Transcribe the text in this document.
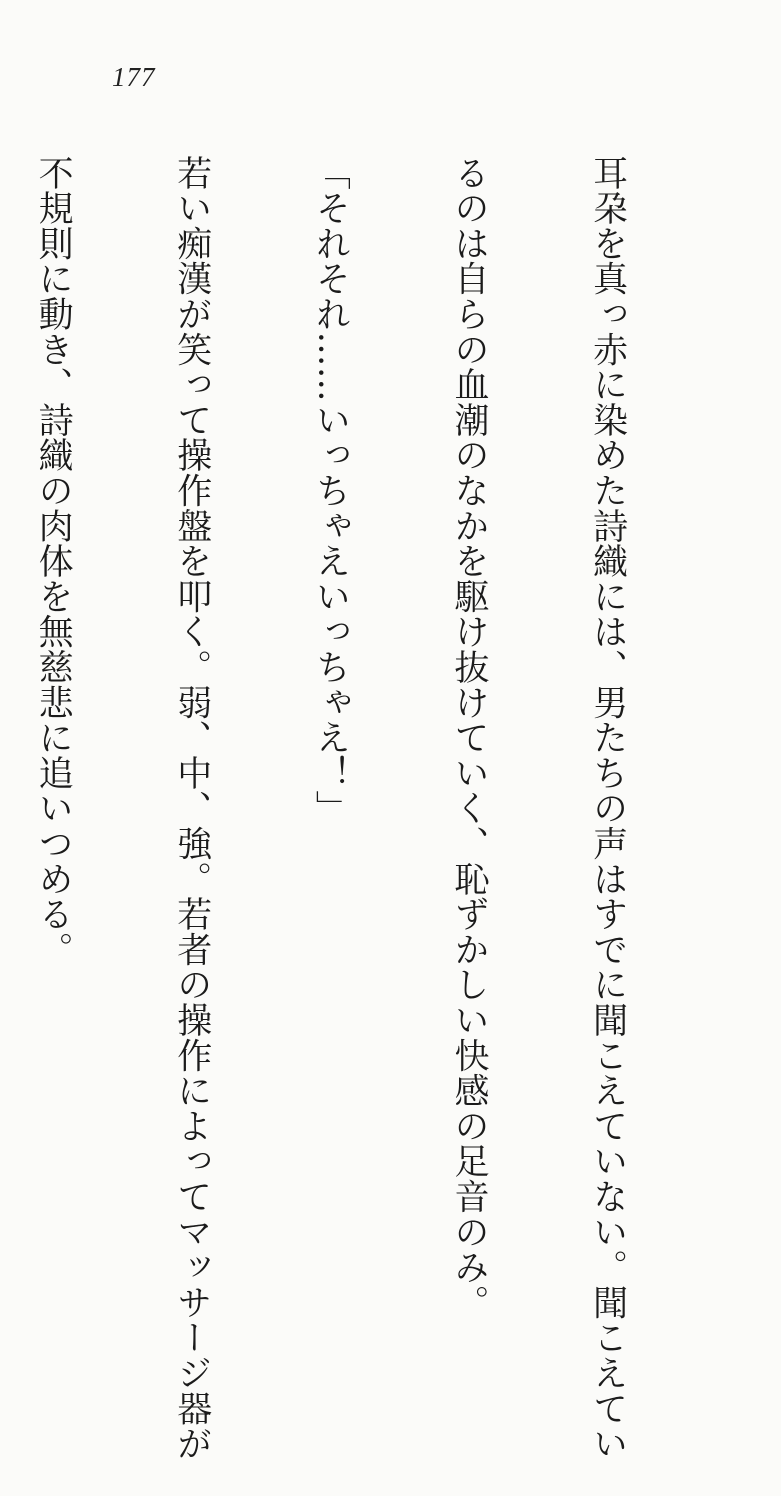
177

耳朶を真っ赤に染めた詩織には、男たちの声はすでに聞こえていない。聞こえてい

るのは自らの血潮のなかを駆け抜けていく、恥ずかしい快感の足音のみ。

「それそれ……いっちゃえいっちゃえ！」

若い痴漢が笑って操作盤を叩く。弱、中、強。若者の操作によってマッサージ器が

不規則に動き、詩織の肉体を無慈悲に追いつめる。
